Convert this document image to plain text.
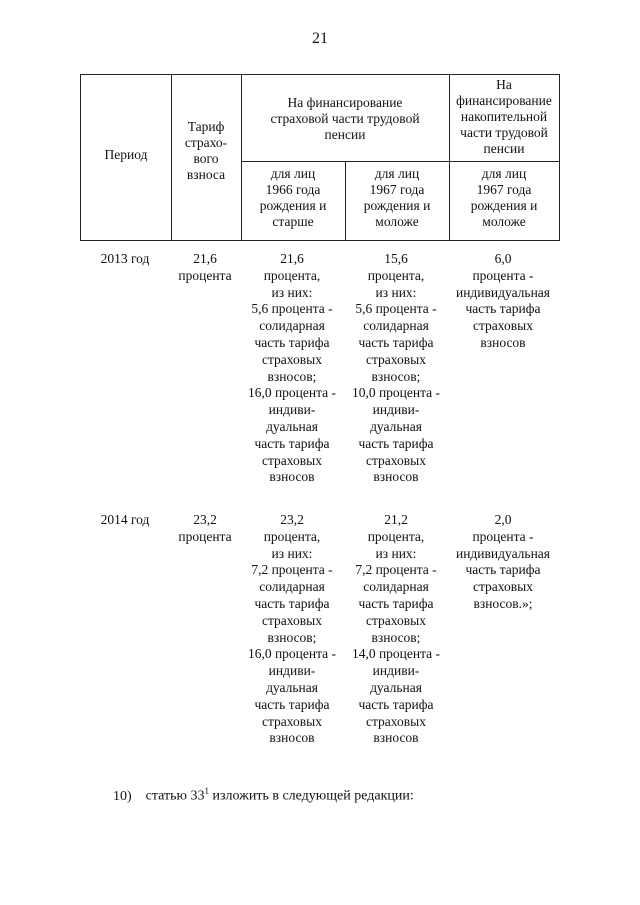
21
Период
Тариф
страхо-
вого
взноса
На финансирование
страховой части трудовой
пенсии
На
финансирование
накопительной
части трудовой
пенсии
для лиц
1966 года
рождения и
старше
для лиц
1967 года
рождения и
моложе
для лиц
1967 года
рождения и
моложе
2013 год	21,6
процента
21,6
процента,
из них:
5,6 процента -
солидарная
часть тарифа
страховых
взносов;
16,0 процента -
индиви-
дуальная
часть тарифа
страховых
взносов
15,6
процента,
из них:
5,6 процента -
солидарная
часть тарифа
страховых
взносов;
10,0 процента -
индиви-
дуальная
часть тарифа
страховых
взносов
6,0
процента -
индивидуальная
часть тарифа
страховых
взносов
2014 год	23,2
процента
23,2
процента,
из них:
7,2 процента -
солидарная
часть тарифа
страховых
взносов;
16,0 процента -
индиви-
дуальная
часть тарифа
страховых
взносов
21,2
процента,
из них:
7,2 процента -
солидарная
часть тарифа
страховых
взносов;
14,0 процента -
индиви-
дуальная
часть тарифа
страховых
взносов
2,0
процента -
индивидуальная
часть тарифа
страховых
взносов.»;
10) статью $33^1$ изложить в следующей редакции:
